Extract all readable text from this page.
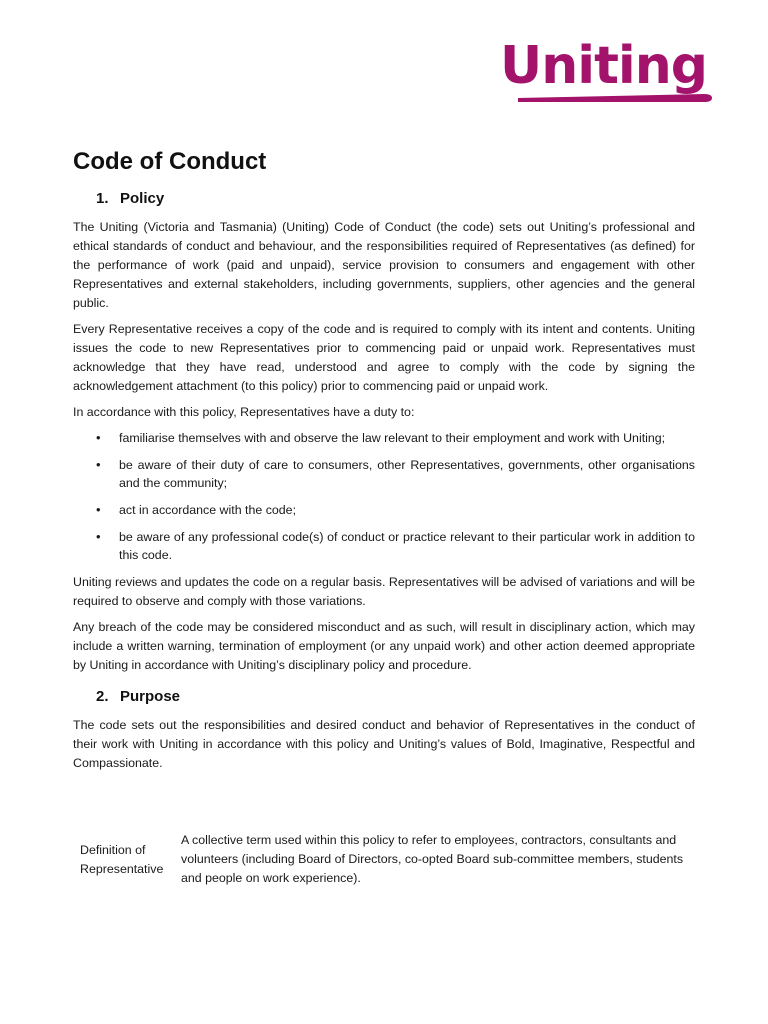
Uniting
Code of Conduct
1. Policy

The Uniting (Victoria and Tasmania) (Uniting) Code of Conduct (the code) sets out Uniting’s professional and ethical standards of conduct and behaviour, and the responsibilities required of Representatives (as defined) for the performance of work (paid and unpaid), service provision to consumers and engagement with other Representatives and external stakeholders, including governments, suppliers, other agencies and the general public.

Every Representative receives a copy of the code and is required to comply with its intent and contents. Uniting issues the code to new Representatives prior to commencing paid or unpaid work. Representatives must acknowledge that they have read, understood and agree to comply with the code by signing the acknowledgement attachment (to this policy) prior to commencing paid or unpaid work.

In accordance with this policy, Representatives have a duty to:

• familiarise themselves with and observe the law relevant to their employment and work with Uniting;
• be aware of their duty of care to consumers, other Representatives, governments, other organisations and the community;
• act in accordance with the code;
• be aware of any professional code(s) of conduct or practice relevant to their particular work in addition to this code.

Uniting reviews and updates the code on a regular basis. Representatives will be advised of variations and will be required to observe and comply with those variations.

Any breach of the code may be considered misconduct and as such, will result in disciplinary action, which may include a written warning, termination of employment (or any unpaid work) and other action deemed appropriate by Uniting in accordance with Uniting’s disciplinary policy and procedure.

2. Purpose

The code sets out the responsibilities and desired conduct and behavior of Representatives in the conduct of their work with Uniting in accordance with this policy and Uniting’s values of Bold, Imaginative, Respectful and Compassionate.

Definition of Representative
A collective term used within this policy to refer to employees, contractors, consultants and volunteers (including Board of Directors, co-opted Board sub-committee members, students and people on work experience).
